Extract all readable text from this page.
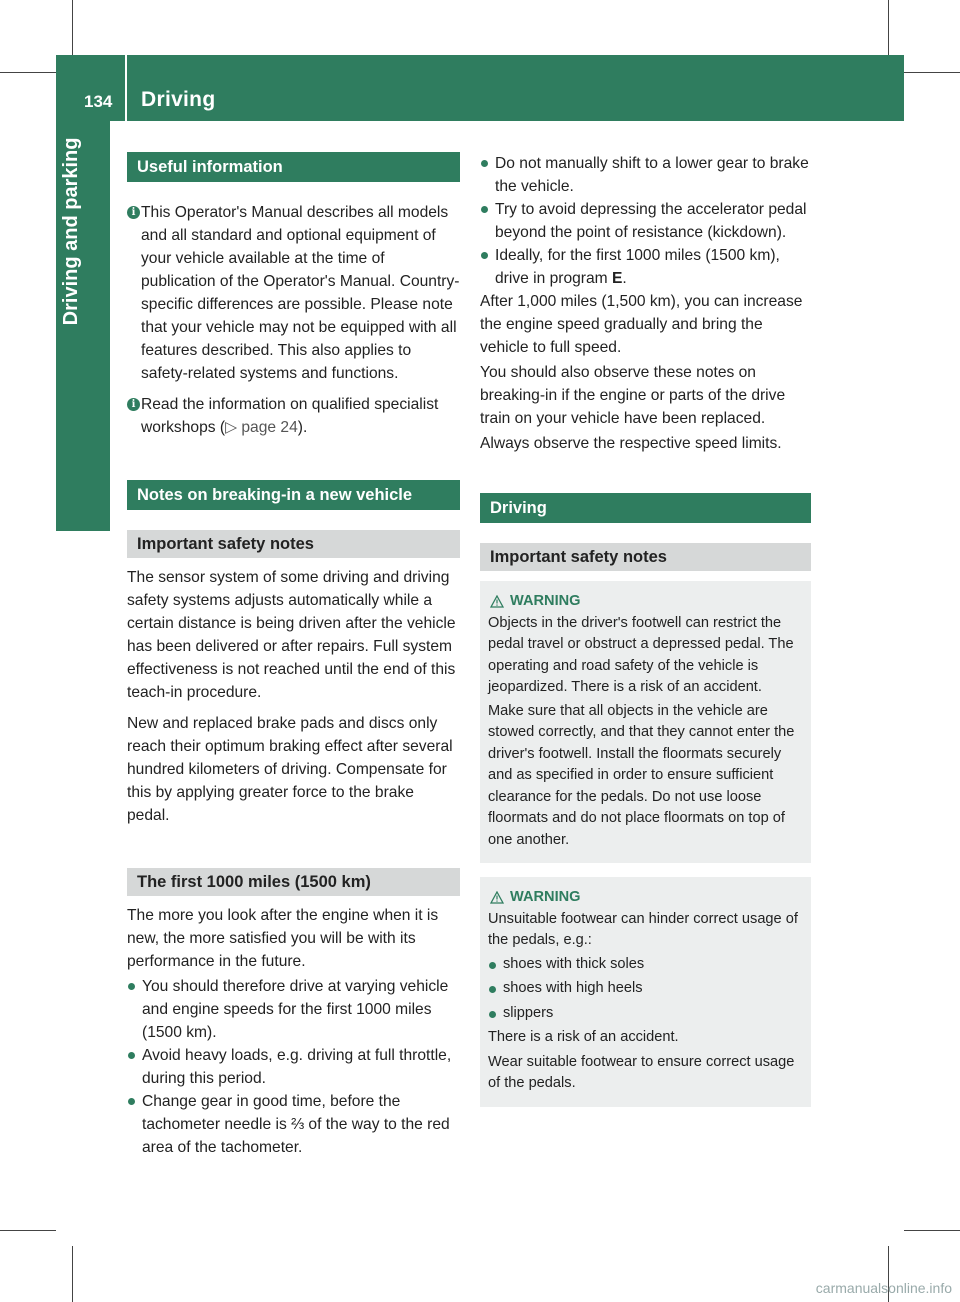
134 Driving
Driving and parking	Useful information
i This Operator's Manual describes all models and all standard and optional equipment of your vehicle available at the time of publication of the Operator's Manual. Country-specific differences are possible. Please note that your vehicle may not be equipped with all features described. This also applies to safety-related systems and functions.

i Read the information on qualified specialist workshops (▷ page 24).

Notes on breaking-in a new vehicle
Important safety notes

The sensor system of some driving and driving safety systems adjusts automatically while a certain distance is being driven after the vehicle has been delivered or after repairs. Full system effectiveness is not reached until the end of this teach-in procedure.

New and replaced brake pads and discs only reach their optimum braking effect after several hundred kilometers of driving. Compensate for this by applying greater force to the brake pedal.

The first 1000 miles (1500 km)

The more you look after the engine when it is new, the more satisfied you will be with its performance in the future.

You should therefore drive at varying vehicle and engine speeds for the first 1000 miles (1500 km).
Avoid heavy loads, e.g. driving at full throttle, during this period.
Change gear in good time, before the tachometer needle is ⅔ of the way to the red area of the tachometer.
Do not manually shift to a lower gear to brake the vehicle.
Try to avoid depressing the accelerator pedal beyond the point of resistance (kickdown).
Ideally, for the first 1000 miles (1500 km), drive in program E.

After 1,000 miles (1,500 km), you can increase the engine speed gradually and bring the vehicle to full speed.

You should also observe these notes on breaking-in if the engine or parts of the drive train on your vehicle have been replaced.

Always observe the respective speed limits.

Driving
Important safety notes
WARNING

Objects in the driver's footwell can restrict the pedal travel or obstruct a depressed pedal. The operating and road safety of the vehicle is jeopardized. There is a risk of an accident.

Make sure that all objects in the vehicle are stowed correctly, and that they cannot enter the driver's footwell. Install the floormats securely and as specified in order to ensure sufficient clearance for the pedals. Do not use loose floormats and do not place floormats on top of one another.

WARNING

Unsuitable footwear can hinder correct usage of the pedals, e.g.:

shoes with thick soles
shoes with high heels
slippers

There is a risk of an accident.

Wear suitable footwear to ensure correct usage of the pedals.

carmanualsonline.info
